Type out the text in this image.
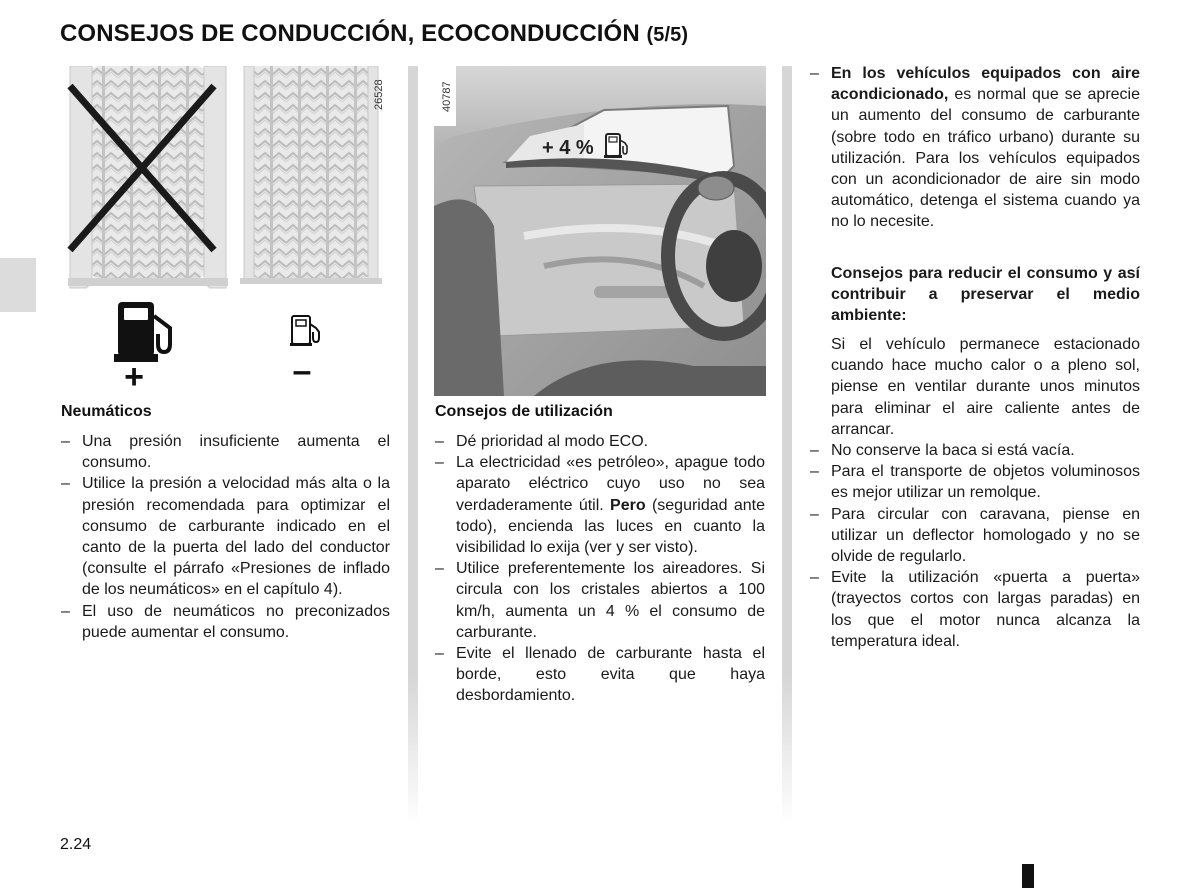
CONSEJOS DE CONDUCCIÓN, ECOCONDUCCIÓN (5/5)
26528
+	–
40787
+ 4 %
Neumáticos
– Una presión insuficiente aumenta el consumo.
– Utilice la presión a velocidad más alta o la presión recomendada para optimizar el consumo de carburante indicado en el canto de la puerta del lado del conductor (consulte el párrafo «Presiones de inflado de los neumáticos» en el capítulo 4).
– El uso de neumáticos no preconizados puede aumentar el consumo.
Consejos de utilización
– Dé prioridad al modo ECO.
– La electricidad «es petróleo», apague todo aparato eléctrico cuyo uso no sea verdaderamente útil. Pero (seguridad ante todo), encienda las luces en cuanto la visibilidad lo exija (ver y ser visto).
– Utilice preferentemente los aireadores. Si circula con los cristales abiertos a 100 km/h, aumenta un 4 % el consumo de carburante.
– Evite el llenado de carburante hasta el borde, esto evita que haya desbordamiento.
– En los vehículos equipados con aire acondicionado, es normal que se aprecie un aumento del consumo de carburante (sobre todo en tráfico urbano) durante su utilización. Para los vehículos equipados con un acondicionador de aire sin modo automático, detenga el sistema cuando ya no lo necesite.

Consejos para reducir el consumo y así contribuir a preservar el medio ambiente:

Si el vehículo permanece estacionado cuando hace mucho calor o a pleno sol, piense en ventilar durante unos minutos para eliminar el aire caliente antes de arrancar.

– No conserve la baca si está vacía.
– Para el transporte de objetos voluminosos es mejor utilizar un remolque.
– Para circular con caravana, piense en utilizar un deflector homologado y no se olvide de regularlo.
– Evite la utilización «puerta a puerta» (trayectos cortos con largas paradas) en los que el motor nunca alcanza la temperatura ideal.
2.24
